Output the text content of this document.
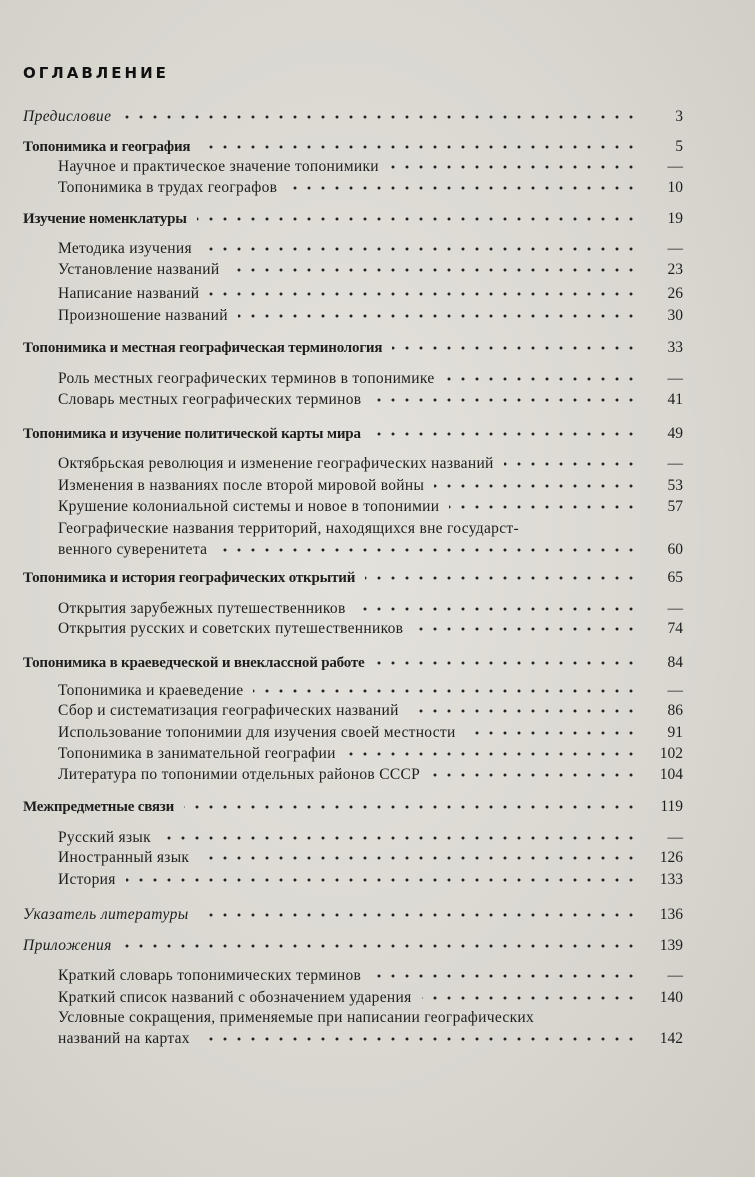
ОГЛАВЛЕНИЕ
Предисловие	3
Топонимика и география	5
Научное и практическое значение топонимики	—
Топонимика в трудах географов	10
Изучение номенклатуры	19
Методика изучения	—
Установление названий	23
Написание названий	26
Произношение названий	30
Топонимика и местная географическая терминология	33
Роль местных географических терминов в топонимике	—
Словарь местных географических терминов	41
Топонимика и изучение политической карты мира	49
Октябрьская революция и изменение географических названий	—
Изменения в названиях после второй мировой войны	53
Крушение колониальной системы и новое в топонимии	57
Географические названия территорий, находящихся вне государст-
венного суверенитета	60
Топонимика и история географических открытий	65
Открытия зарубежных путешественников	—
Открытия русских и советских путешественников	74
Топонимика в краеведческой и внеклассной работе	84
Топонимика и краеведение	—
Сбор и систематизация географических названий	86
Использование топонимии для изучения своей местности	91
Топонимика в занимательной географии	102
Литература по топонимии отдельных районов СССР	104
Межпредметные связи	119
Русский язык	—
Иностранный язык	126
История	133
Указатель литературы	136
Приложения	139
Краткий словарь топонимических терминов	—
Краткий список названий с обозначением ударения	140
Условные сокращения, применяемые при написании географических
названий на картах	142
